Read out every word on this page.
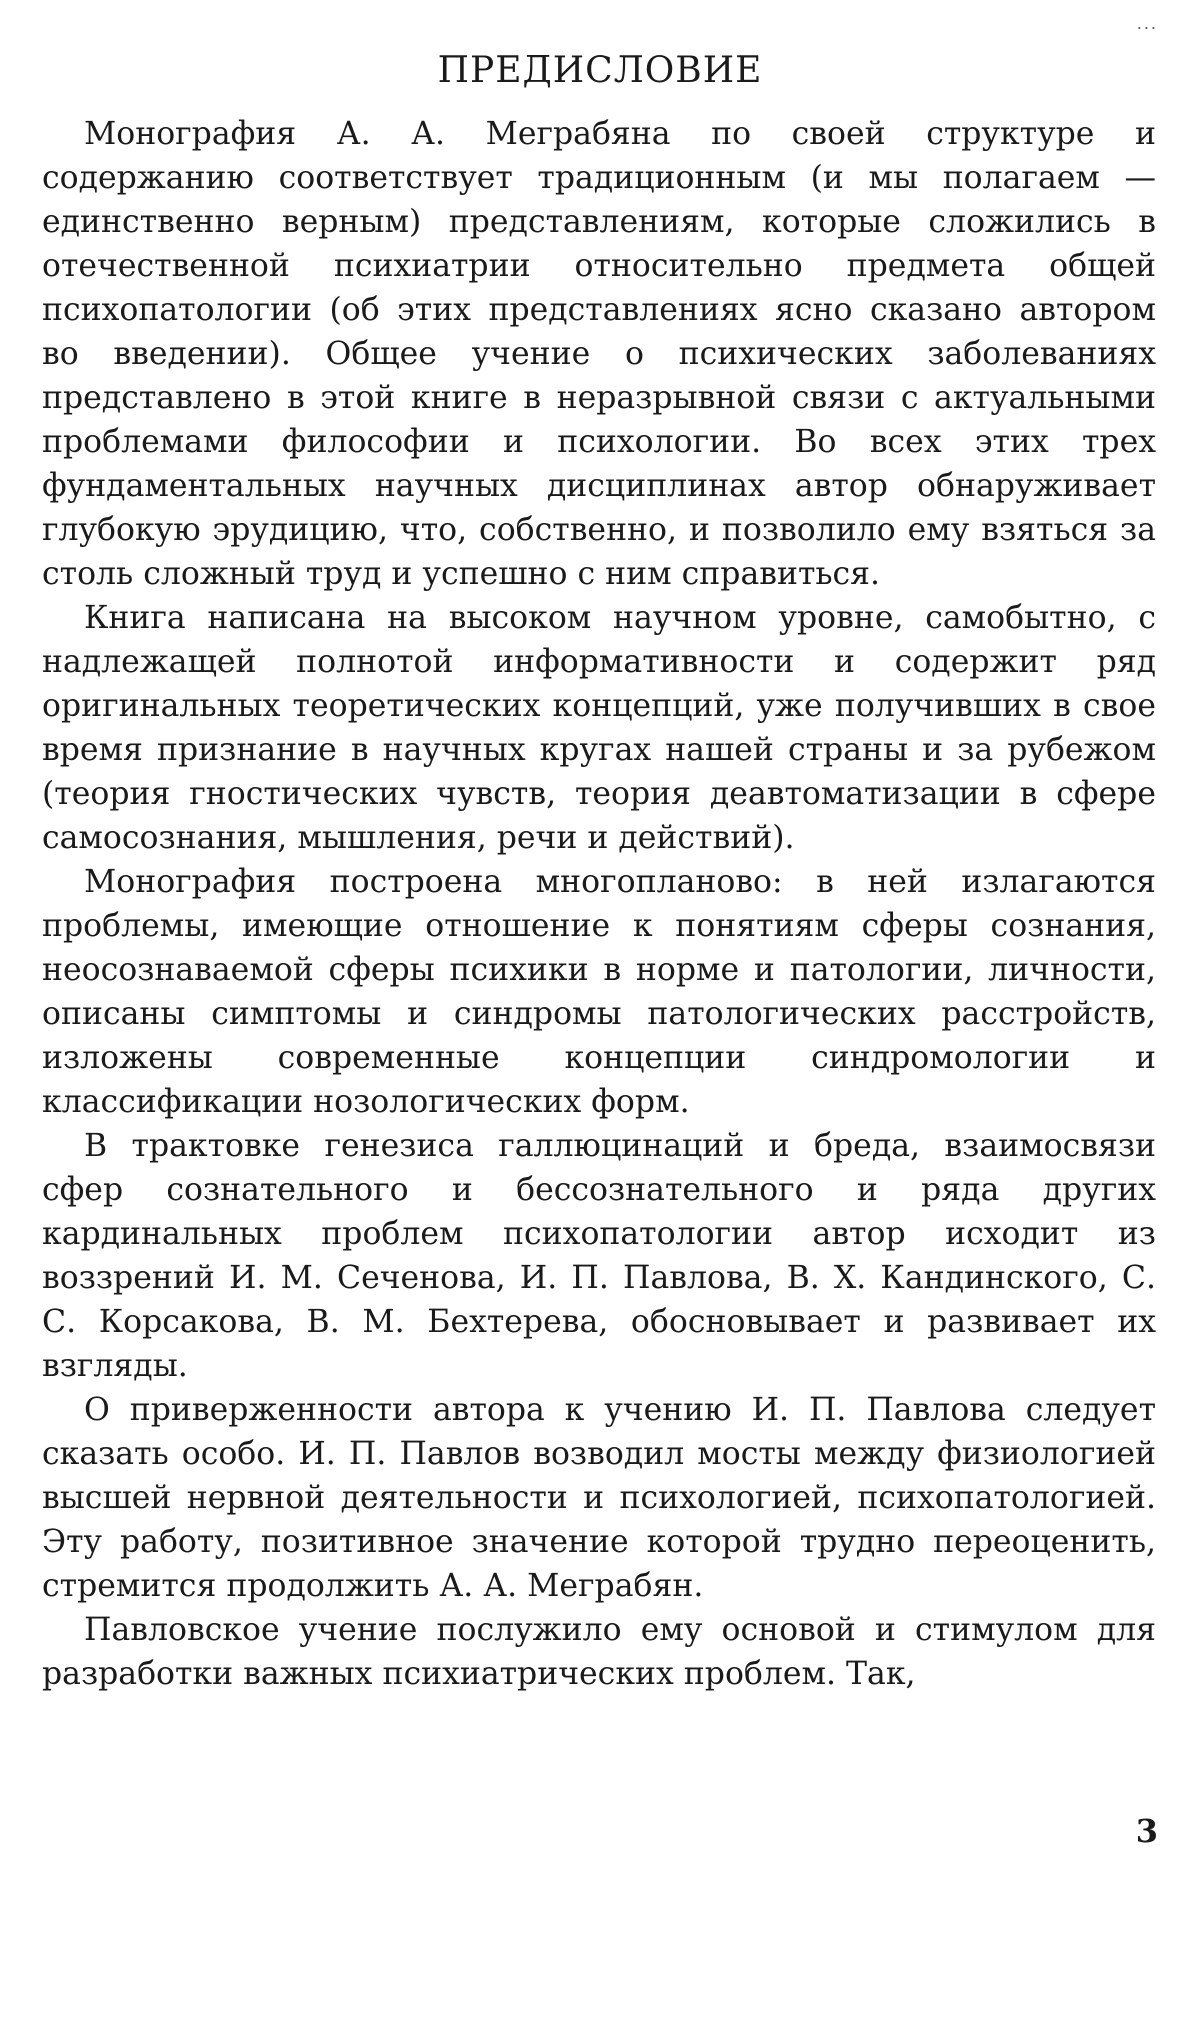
...
ПРЕДИСЛОВИЕ

Монография А. А. Меграбяна по своей структуре и содержанию соответствует традиционным (и мы полагаем — единственно верным) представлениям, которые сложились в отечественной психиатрии относительно предмета общей психопатологии (об этих представлениях ясно сказано автором во введении). Общее учение о психических заболеваниях представлено в этой книге в неразрывной связи с актуальными проблемами философии и психологии. Во всех этих трех фундаментальных научных дисциплинах автор обнаруживает глубокую эрудицию, что, собственно, и позволило ему взяться за столь сложный труд и успешно с ним справиться.

Книга написана на высоком научном уровне, самобытно, с надлежащей полнотой информативности и содержит ряд оригинальных теоретических концепций, уже получивших в свое время признание в научных кругах нашей страны и за рубежом (теория гностических чувств, теория деавтоматизации в сфере самосознания, мышления, речи и действий).

Монография построена многопланово: в ней излагаются проблемы, имеющие отношение к понятиям сферы сознания, неосознаваемой сферы психики в норме и патологии, личности, описаны симптомы и синдромы патологических расстройств, изложены современные концепции синдромологии и классификации нозологических форм.

В трактовке генезиса галлюцинаций и бреда, взаимосвязи сфер сознательного и бессознательного и ряда других кардинальных проблем психопатологии автор исходит из воззрений И. М. Сеченова, И. П. Павлова, В. Х. Кандинского, С. С. Корсакова, В. М. Бехтерева, обосновывает и развивает их взгляды.

О приверженности автора к учению И. П. Павлова следует сказать особо. И. П. Павлов возводил мосты между физиологией высшей нервной деятельности и психологией, психопатологией. Эту работу, позитивное значение которой трудно переоценить, стремится продолжить А. А. Меграбян.

Павловское учение послужило ему основой и стимулом для разработки важных психиатрических проблем. Так,

3
